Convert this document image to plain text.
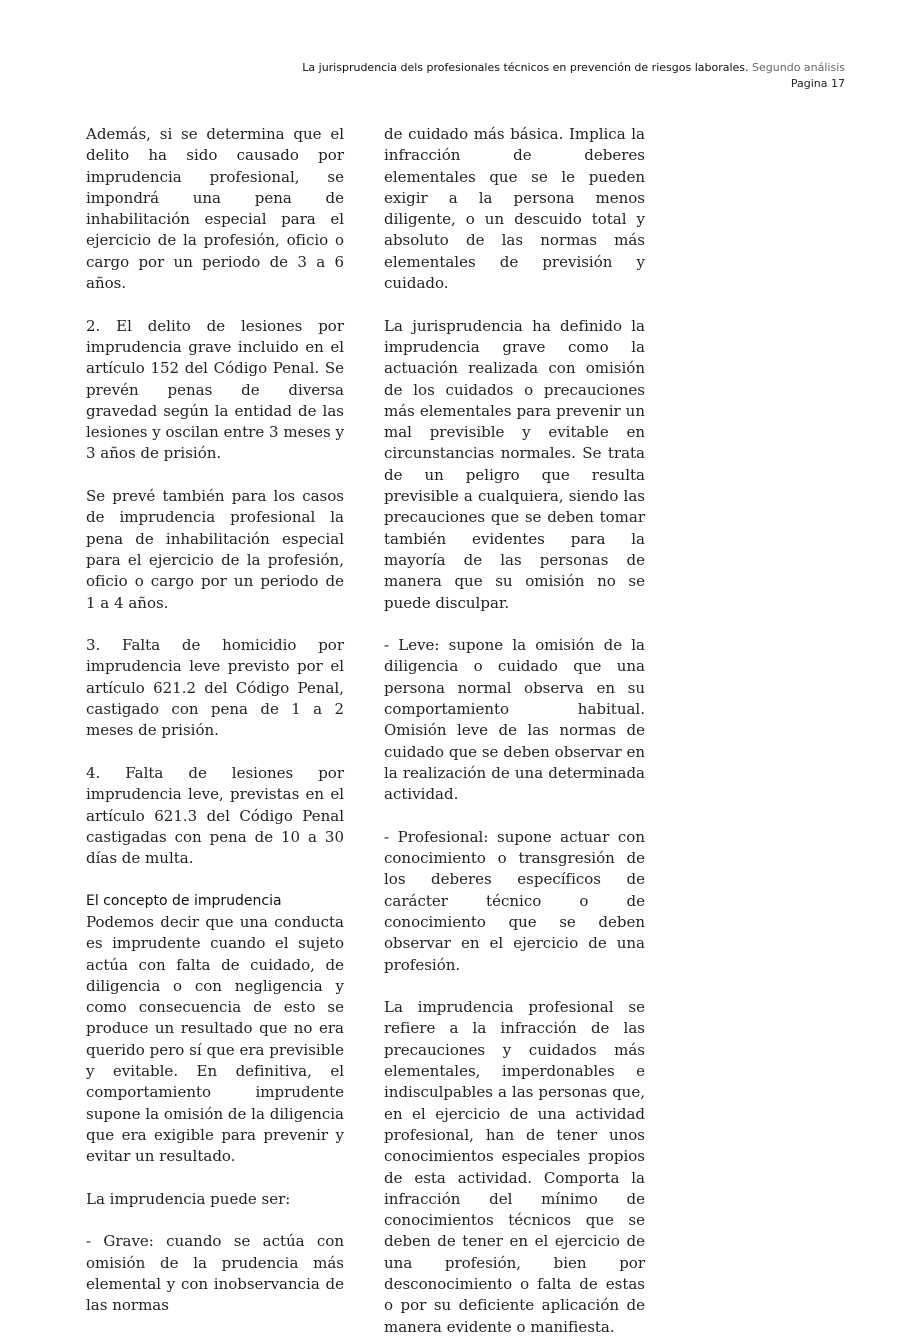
La jurisprudencia dels profesionales técnicos en prevención de riesgos laborales. Segundo análisis
Pagina 17

Además, si se determina que el delito ha sido causado por imprudencia profesional, se impondrá una pena de inhabilitación especial para el ejercicio de la profesión, oficio o cargo por un periodo de 3 a 6 años.

2. El delito de lesiones por imprudencia grave incluido en el artículo 152 del Código Penal. Se prevén penas de diversa gravedad según la entidad de las lesiones y oscilan entre 3 meses y 3 años de prisión.

Se prevé también para los casos de imprudencia profesional la pena de inhabilitación especial para el ejercicio de la profesión, oficio o cargo por un periodo de 1 a 4 años.

3. Falta de homicidio por imprudencia leve previsto por el artículo 621.2 del Código Penal, castigado con pena de 1 a 2 meses de prisión.

4. Falta de lesiones por imprudencia leve, previstas en el artículo 621.3 del Código Penal castigadas con pena de 10 a 30 días de multa.

El concepto de imprudencia

Podemos decir que una conducta es imprudente cuando el sujeto actúa con falta de cuidado, de diligencia o con negligencia y como consecuencia de esto se produce un resultado que no era querido pero sí que era previsible y evitable. En definitiva, el comportamiento imprudente supone la omisión de la diligencia que era exigible para prevenir y evitar un resultado.

La imprudencia puede ser:

- Grave: cuando se actúa con omisión de la prudencia más elemental y con inobservancia de las normas

de cuidado más básica. Implica la infracción de deberes elementales que se le pueden exigir a la persona menos diligente, o un descuido total y absoluto de las normas más elementales de previsión y cuidado.

La jurisprudencia ha definido la imprudencia grave como la actuación realizada con omisión de los cuidados o precauciones más elementales para prevenir un mal previsible y evitable en circunstancias normales. Se trata de un peligro que resulta previsible a cualquiera, siendo las precauciones que se deben tomar también evidentes para la mayoría de las personas de manera que su omisión no se puede disculpar.

- Leve: supone la omisión de la diligencia o cuidado que una persona normal observa en su comportamiento habitual. Omisión leve de las normas de cuidado que se deben observar en la realización de una determinada actividad.

- Profesional: supone actuar con conocimiento o transgresión de los deberes específicos de carácter técnico o de conocimiento que se deben observar en el ejercicio de una profesión.

La imprudencia profesional se refiere a la infracción de las precauciones y cuidados más elementales, imperdonables e indisculpables a las personas que, en el ejercicio de una actividad profesional, han de tener unos conocimientos especiales propios de esta actividad. Comporta la infracción del mínimo de conocimientos técnicos que se deben de tener en el ejercicio de una profesión, bien por desconocimiento o falta de estas o por su deficiente aplicación de manera evidente o manifiesta.
